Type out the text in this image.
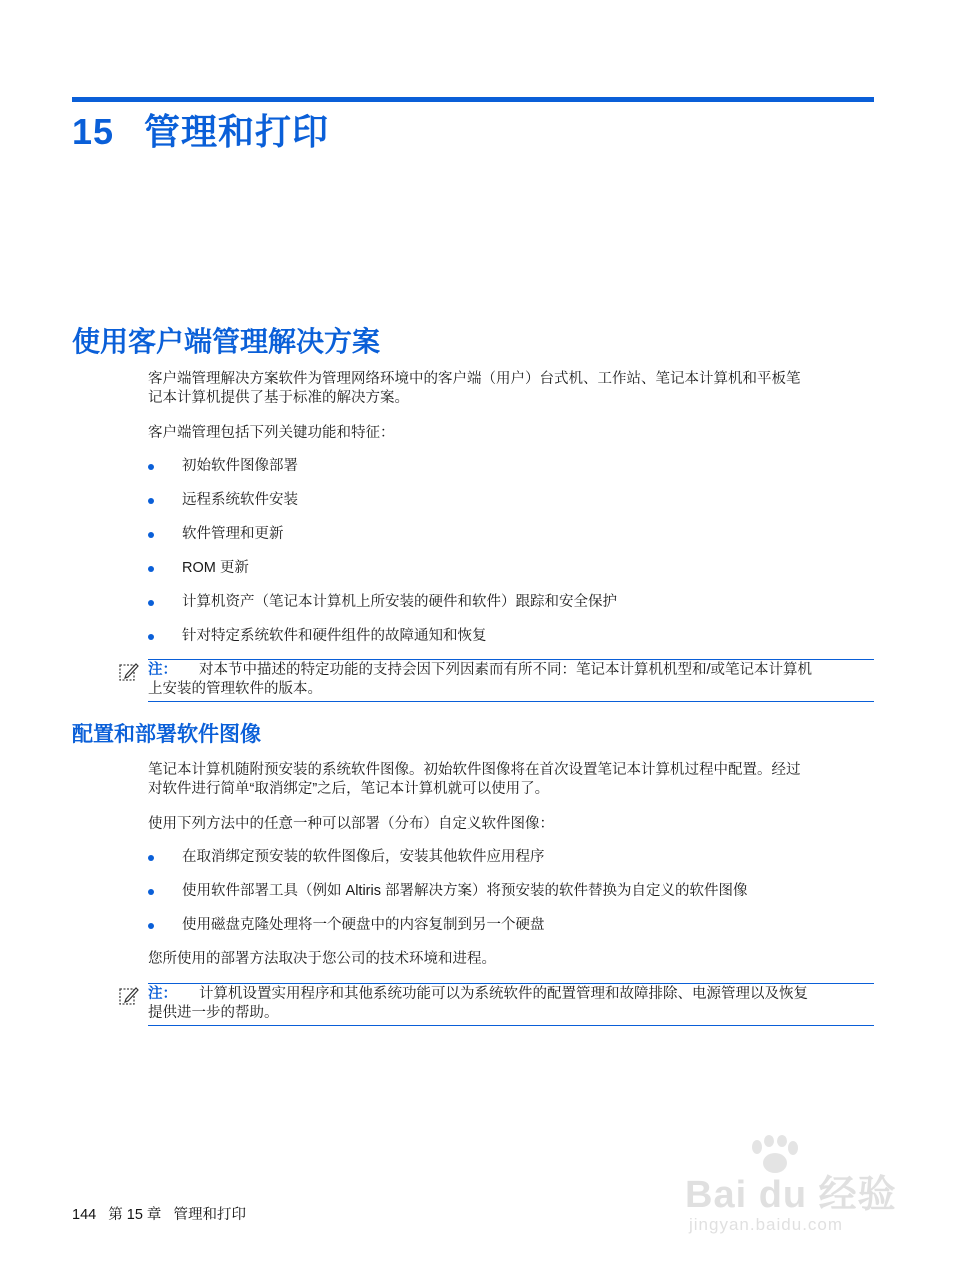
15 管理和打印
使用客户端管理解决方案

客户端管理解决方案软件为管理网络环境中的客户端（用户）台式机、工作站、笔记本计算机和平板笔
记本计算机提供了基于标准的解决方案。

客户端管理包括下列关键功能和特征：

初始软件图像部署
远程系统软件安装
软件管理和更新
ROM 更新
计算机资产（笔记本计算机上所安装的硬件和软件）跟踪和安全保护
针对特定系统软件和硬件组件的故障通知和恢复
注： 对本节中描述的特定功能的支持会因下列因素而有所不同：笔记本计算机机型和/或笔记本计算机
上安装的管理软件的版本。
配置和部署软件图像

笔记本计算机随附预安装的系统软件图像。初始软件图像将在首次设置笔记本计算机过程中配置。经过
对软件进行简单“取消绑定”之后，笔记本计算机就可以使用了。

使用下列方法中的任意一种可以部署（分布）自定义软件图像：

在取消绑定预安装的软件图像后，安装其他软件应用程序
使用软件部署工具（例如 Altiris 部署解决方案）将预安装的软件替换为自定义的软件图像
使用磁盘克隆处理将一个硬盘中的内容复制到另一个硬盘

您所使用的部署方法取决于您公司的技术环境和进程。

注： 计算机设置实用程序和其他系统功能可以为系统软件的配置管理和故障排除、电源管理以及恢复
提供进一步的帮助。
144 第 15 章 管理和打印	Bai du 经验
jingyan.baidu.com
